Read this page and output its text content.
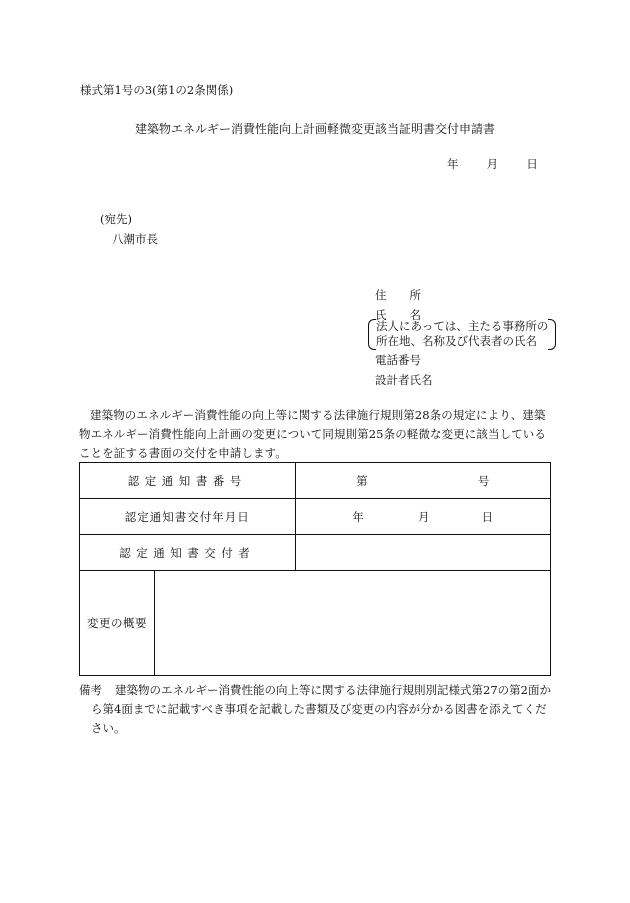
様式第1号の3(第1の2条関係)
建築物エネルギー消費性能向上計画軽微変更該当証明書交付申請書
年 月 日
(宛先)
八潮市長
住　　所
氏　　名
法人にあっては、主たる事務所の
所在地、名称及び代表者の氏名
電話番号
設計者氏名
建築物のエネルギー消費性能の向上等に関する法律施行規則第28条の規定により、建築物エネルギー消費性能向上計画の変更について同規則第25条の軽微な変更に該当していることを証する書面の交付を申請します。
認定通知書番号		第 号
認定通知書交付年月日		年 月 日
認定通知書交付者		
変更の概要		
備考	建築物のエネルギー消費性能の向上等に関する法律施行規則別記様式第27の第2面から第4面までに記載すべき事項を記載した書類及び変更の内容が分かる図書を添えてください。
